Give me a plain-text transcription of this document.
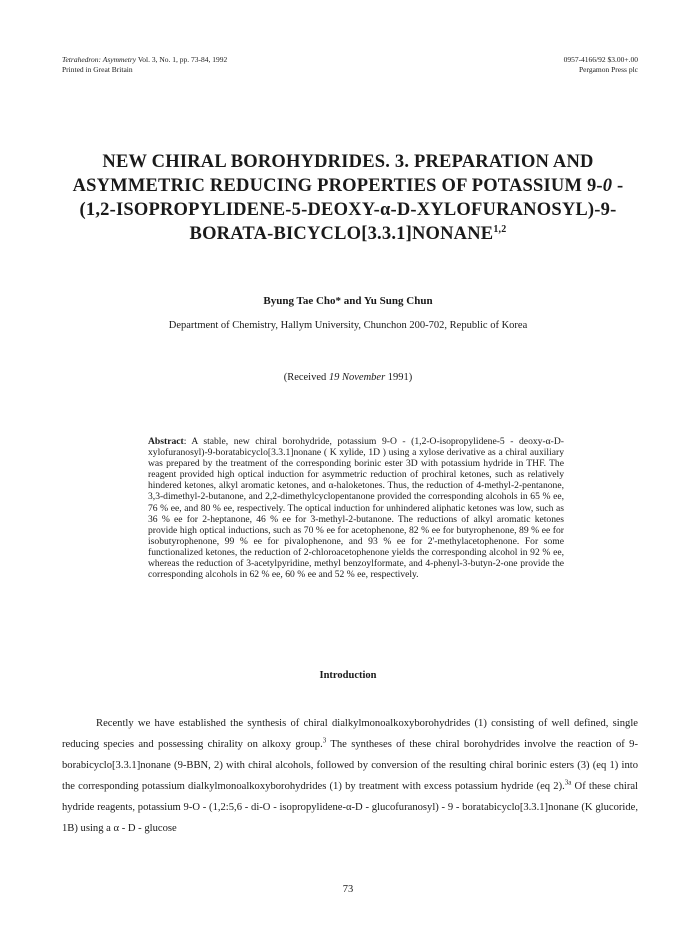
Tetrahedron: Asymmetry Vol. 3, No. 1, pp. 73-84, 1992
Printed in Great Britain
0957-4166/92 $3.00+.00
Pergamon Press plc
NEW CHIRAL BOROHYDRIDES. 3. PREPARATION AND ASYMMETRIC REDUCING PROPERTIES OF POTASSIUM 9-0 -(1,2-ISOPROPYLIDENE-5-DEOXY-α-D-XYLOFURANOSYL)-9-BORATA-BICYCLO[3.3.1]NONANE$^{1,2}$
Byung Tae Cho* and Yu Sung Chun
Department of Chemistry, Hallym University, Chunchon 200-702, Republic of Korea
(Received 19 November 1991)
Abstract: A stable, new chiral borohydride, potassium 9-O - (1,2-O-isopropylidene-5 - deoxy-α-D-xylofuranosyl)-9-boratabicyclo[3.3.1]nonane ( K xylide, 1D ) using a xylose derivative as a chiral auxiliary was prepared by the treatment of the corresponding borinic ester 3D with potassium hydride in THF. The reagent provided high optical induction for asymmetric reduction of prochiral ketones, such as relatively hindered ketones, alkyl aromatic ketones, and α-haloketones. Thus, the reduction of 4-methyl-2-pentanone, 3,3-dimethyl-2-butanone, and 2,2-dimethylcyclopentanone provided the corresponding alcohols in 65 % ee, 76 % ee, and 80 % ee, respectively. The optical induction for unhindered aliphatic ketones was low, such as 36 % ee for 2-heptanone, 46 % ee for 3-methyl-2-butanone. The reductions of alkyl aromatic ketones provide high optical inductions, such as 70 % ee for acetophenone, 82 % ee for butyrophenone, 89 % ee for isobutyrophenone, 99 % ee for pivalophenone, and 93 % ee for 2'-methylacetophenone. For some functionalized ketones, the reduction of 2-chloroacetophenone yields the corresponding alcohol in 92 % ee, whereas the reduction of 3-acetylpyridine, methyl benzoylformate, and 4-phenyl-3-butyn-2-one provide the corresponding alcohols in 62 % ee, 60 % ee and 52 % ee, respectively.
Introduction
Recently we have established the synthesis of chiral dialkylmonoalkoxyborohydrides (1) consisting of well defined, single reducing species and possessing chirality on alkoxy group.$^3$ The syntheses of these chiral borohydrides involve the reaction of 9-borabicyclo[3.3.1]nonane (9-BBN, 2) with chiral alcohols, followed by conversion of the resulting chiral borinic esters (3) (eq 1) into the corresponding potassium dialkylmonoalkoxyborohydrides (1) by treatment with excess potassium hydride (eq 2).$^{3a}$ Of these chiral hydride reagents, potassium 9-O - (1,2:5,6 - di-O - isopropylidene-α-D - glucofuranosyl) - 9 - boratabicyclo[3.3.1]nonane (K glucoride, 1B) using a α - D - glucose
73
